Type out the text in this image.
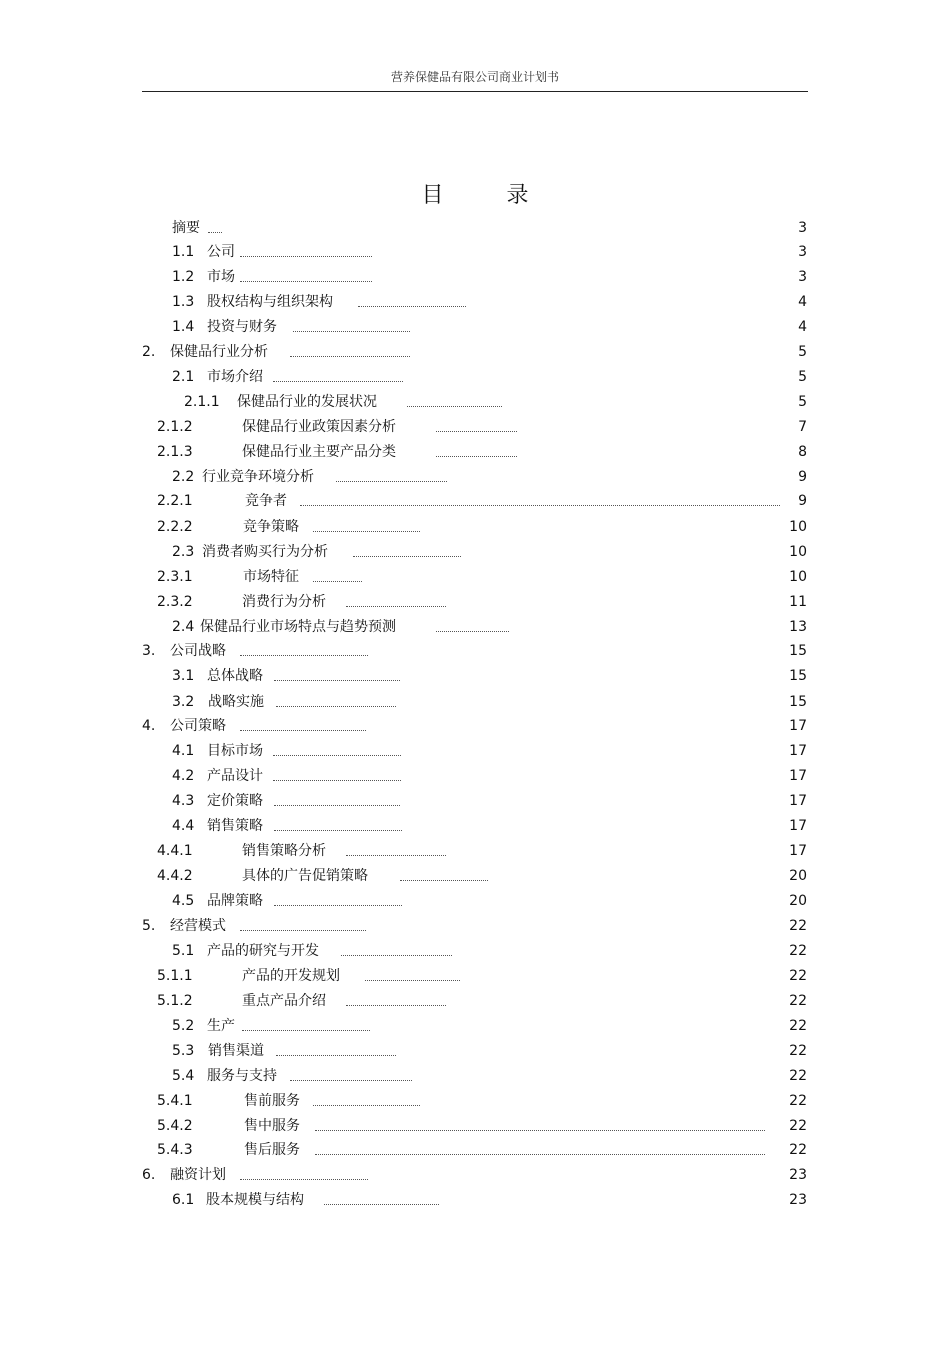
营养保健品有限公司商业计划书
目 录
摘要	3
1.1 公司	3
1.2 市场	3
1.3 股权结构与组织架构	4
1.4 投资与财务	4
2. 保健品行业分析	5
2.1 市场介绍	5
2.1.1 保健品行业的发展状况	5
2.1.2	保健品行业政策因素分析	7
2.1.3	保健品行业主要产品分类	8
2.2 行业竞争环境分析	9
2.2.1	竞争者	9
2.2.2	竞争策略	10
2.3 消费者购买行为分析	10
2.3.1	市场特征	10
2.3.2	消费行为分析	11
2.4 保健品行业市场特点与趋势预测	13
3. 公司战略	15
3.1 总体战略	15
3.2 战略实施	15
4. 公司策略	17
4.1 目标市场	17
4.2 产品设计	17
4.3 定价策略	17
4.4 销售策略	17
4.4.1	销售策略分析	17
4.4.2	具体的广告促销策略	20
4.5 品牌策略	20
5. 经营模式	22
5.1 产品的研究与开发	22
5.1.1	产品的开发规划	22
5.1.2	重点产品介绍	22
5.2 生产	22
5.3 销售渠道	22
5.4 服务与支持	22
5.4.1	售前服务	22
5.4.2	售中服务	22
5.4.3	售后服务	22
6. 融资计划	23
6.1 股本规模与结构	23
